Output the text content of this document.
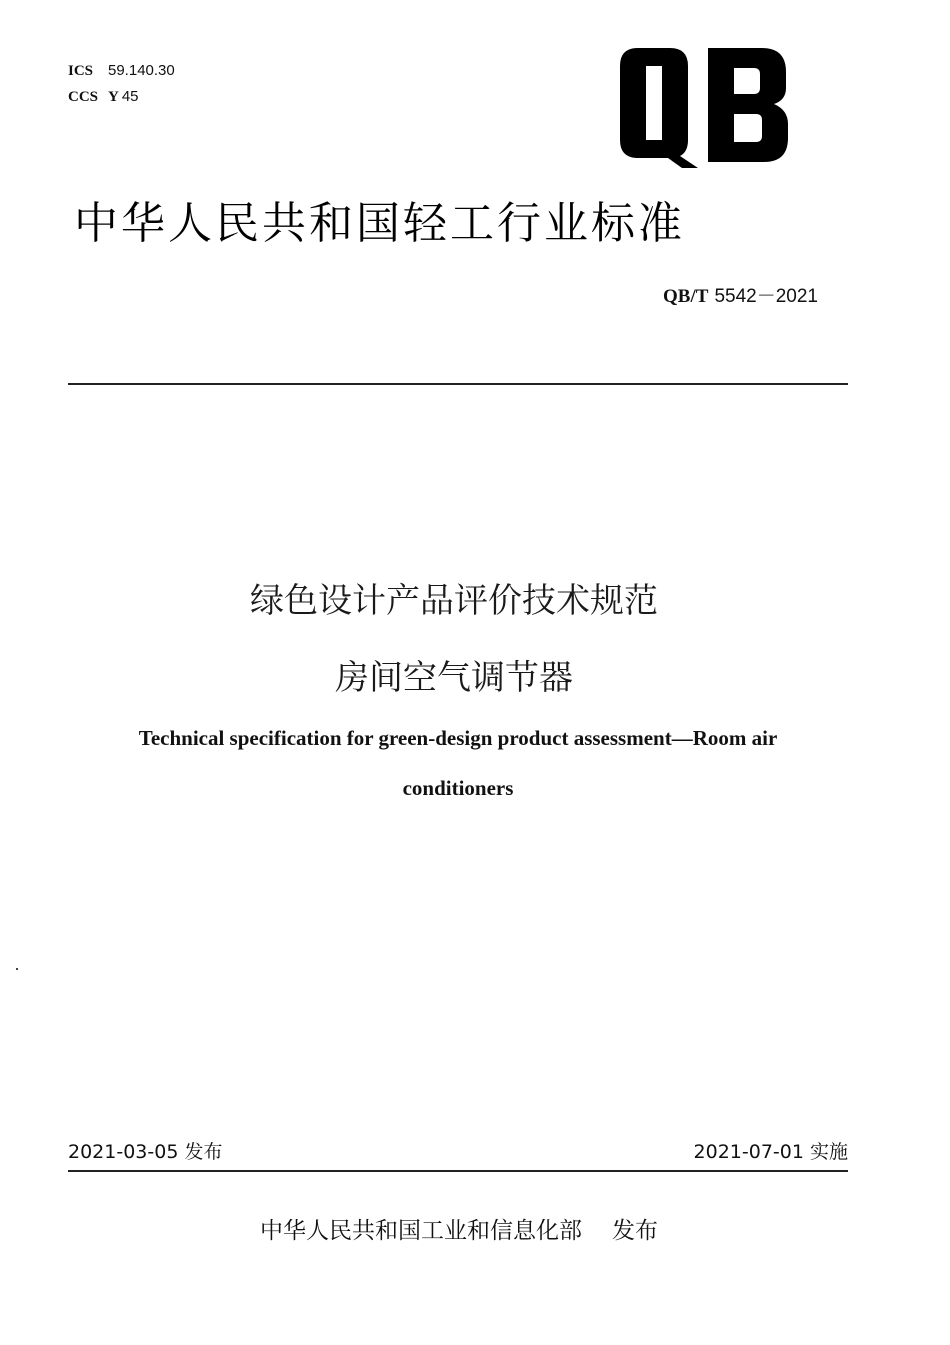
ICS 59.140.30
CCS Y 45
中华人民共和国轻工行业标准
QB/T 5542－2021
绿色设计产品评价技术规范
房间空气调节器
Technical specification for green-design product assessment—Room air
conditioners
2021-03-05 发布	2021-07-01 实施
中华人民共和国工业和信息化部 发布
